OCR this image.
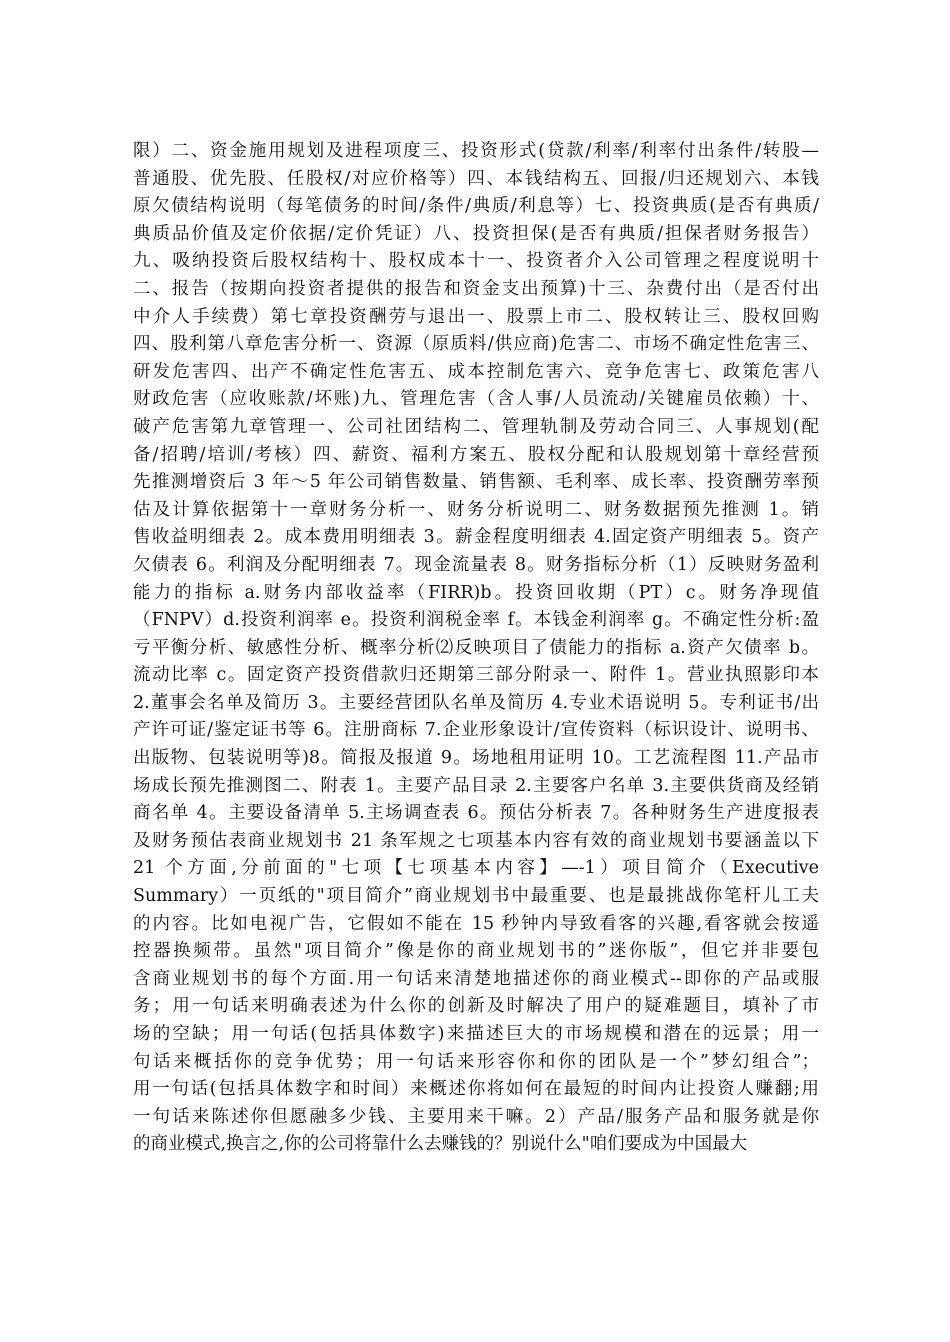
限）二、资金施用规划及进程项度三、投资形式(贷款/利率/利率付出条件/转股—
普通股、优先股、任股权/对应价格等）四、本钱结构五、回报/归还规划六、本钱
原欠债结构说明（每笔债务的时间/条件/典质/利息等）七、投资典质(是否有典质/
典质品价值及定价依据/定价凭证）八、投资担保(是否有典质/担保者财务报告）
九、吸纳投资后股权结构十、股权成本十一、投资者介入公司管理之程度说明十
二、报告（按期向投资者提供的报告和资金支出预算)十三、杂费付出（是否付出
中介人手续费）第七章投资酬劳与退出一、股票上市二、股权转让三、股权回购
四、股利第八章危害分析一、资源（原质料/供应商)危害二、市场不确定性危害三、
研发危害四、出产不确定性危害五、成本控制危害六、竞争危害七、政策危害八
财政危害（应收账款/坏账)九、管理危害（含人事/人员流动/关键雇员依赖）十、
破产危害第九章管理一、公司社团结构二、管理轨制及劳动合同三、人事规划(配
备/招聘/培训/考核）四、薪资、福利方案五、股权分配和认股规划第十章经营预
先推测增资后 3 年～5 年公司销售数量、销售额、毛利率、成长率、投资酬劳率预
估及计算依据第十一章财务分析一、财务分析说明二、财务数据预先推测 1。销
售收益明细表 2。成本费用明细表 3。薪金程度明细表 4.固定资产明细表 5。资产
欠债表 6。利润及分配明细表 7。现金流量表 8。财务指标分析（1）反映财务盈利
能力的指标 a.财务内部收益率（FIRR)b。投资回收期（PT）c。财务净现值
（FNPV）d.投资利润率 e。投资利润税金率 f。本钱金利润率 g。不确定性分析:盈
亏平衡分析、敏感性分析、概率分析⑵反映项目了债能力的指标 a.资产欠债率 b。
流动比率 c。固定资产投资借款归还期第三部分附录一、附件 1。营业执照影印本
2.董事会名单及简历 3。主要经营团队名单及简历 4.专业术语说明 5。专利证书/出
产许可证/鉴定证书等 6。注册商标 7.企业形象设计/宣传资料（标识设计、说明书、
出版物、包装说明等)8。简报及报道 9。场地租用证明 10。工艺流程图 11.产品市
场成长预先推测图二、附表 1。主要产品目录 2.主要客户名单 3.主要供货商及经销
商名单 4。主要设备清单 5.主场调查表 6。预估分析表 7。各种财务生产进度报表
及财务预估表商业规划书 21 条军规之七项基本内容有效的商业规划书要涵盖以下
21 个方面,分前面的"七项【七项基本内容】—-1）项目简介（Executive
Summary）一页纸的"项目简介”商业规划书中最重要、也是最挑战你笔杆儿工夫
的内容。比如电视广告，它假如不能在 15 秒钟内导致看客的兴趣,看客就会按遥
控器换频带。虽然"项目简介”像是你的商业规划书的”迷你版”，但它并非要包
含商业规划书的每个方面.用一句话来清楚地描述你的商业模式--即你的产品或服
务；用一句话来明确表述为什么你的创新及时解决了用户的疑难题目，填补了市
场的空缺；用一句话(包括具体数字)来描述巨大的市场规模和潜在的远景；用一
句话来概括你的竞争优势；用一句话来形容你和你的团队是一个”梦幻组合”；
用一句话(包括具体数字和时间）来概述你将如何在最短的时间内让投资人赚翻;用
一句话来陈述你但愿融多少钱、主要用来干嘛。2）产品/服务产品和服务就是你
的商业模式,换言之,你的公司将靠什么去赚钱的？别说什么"咱们要成为中国最大
